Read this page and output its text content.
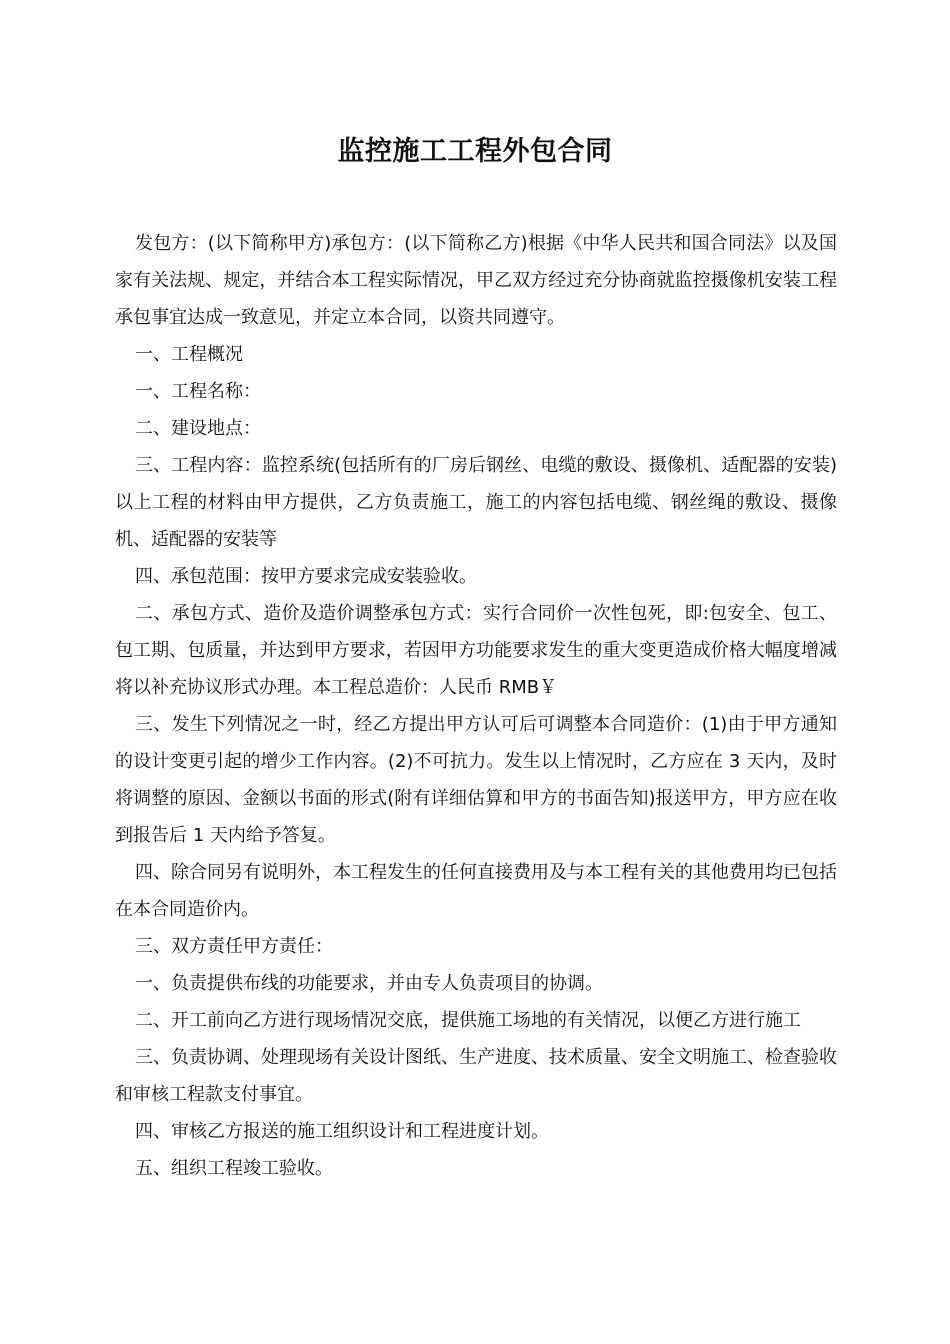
监控施工工程外包合同

发包方：(以下简称甲方)承包方：(以下简称乙方)根据《中华人民共和国合同法》以及国家有关法规、规定，并结合本工程实际情况，甲乙双方经过充分协商就监控摄像机安装工程承包事宜达成一致意见，并定立本合同，以资共同遵守。

一、工程概况

一、工程名称：

二、建设地点：

三、工程内容：监控系统(包括所有的厂房后钢丝、电缆的敷设、摄像机、适配器的安装)以上工程的材料由甲方提供，乙方负责施工，施工的内容包括电缆、钢丝绳的敷设、摄像机、适配器的安装等

四、承包范围：按甲方要求完成安装验收。

二、承包方式、造价及造价调整承包方式：实行合同价一次性包死，即:包安全、包工、包工期、包质量，并达到甲方要求，若因甲方功能要求发生的重大变更造成价格大幅度增减将以补充协议形式办理。本工程总造价：人民币 RMB￥

三、发生下列情况之一时，经乙方提出甲方认可后可调整本合同造价：(1)由于甲方通知的设计变更引起的增少工作内容。(2)不可抗力。发生以上情况时，乙方应在 3 天内，及时将调整的原因、金额以书面的形式(附有详细估算和甲方的书面告知)报送甲方，甲方应在收到报告后 1 天内给予答复。

四、除合同另有说明外，本工程发生的任何直接费用及与本工程有关的其他费用均已包括在本合同造价内。

三、双方责任甲方责任：

一、负责提供布线的功能要求，并由专人负责项目的协调。

二、开工前向乙方进行现场情况交底，提供施工场地的有关情况，以便乙方进行施工

三、负责协调、处理现场有关设计图纸、生产进度、技术质量、安全文明施工、检查验收和审核工程款支付事宜。

四、审核乙方报送的施工组织设计和工程进度计划。

五、组织工程竣工验收。
